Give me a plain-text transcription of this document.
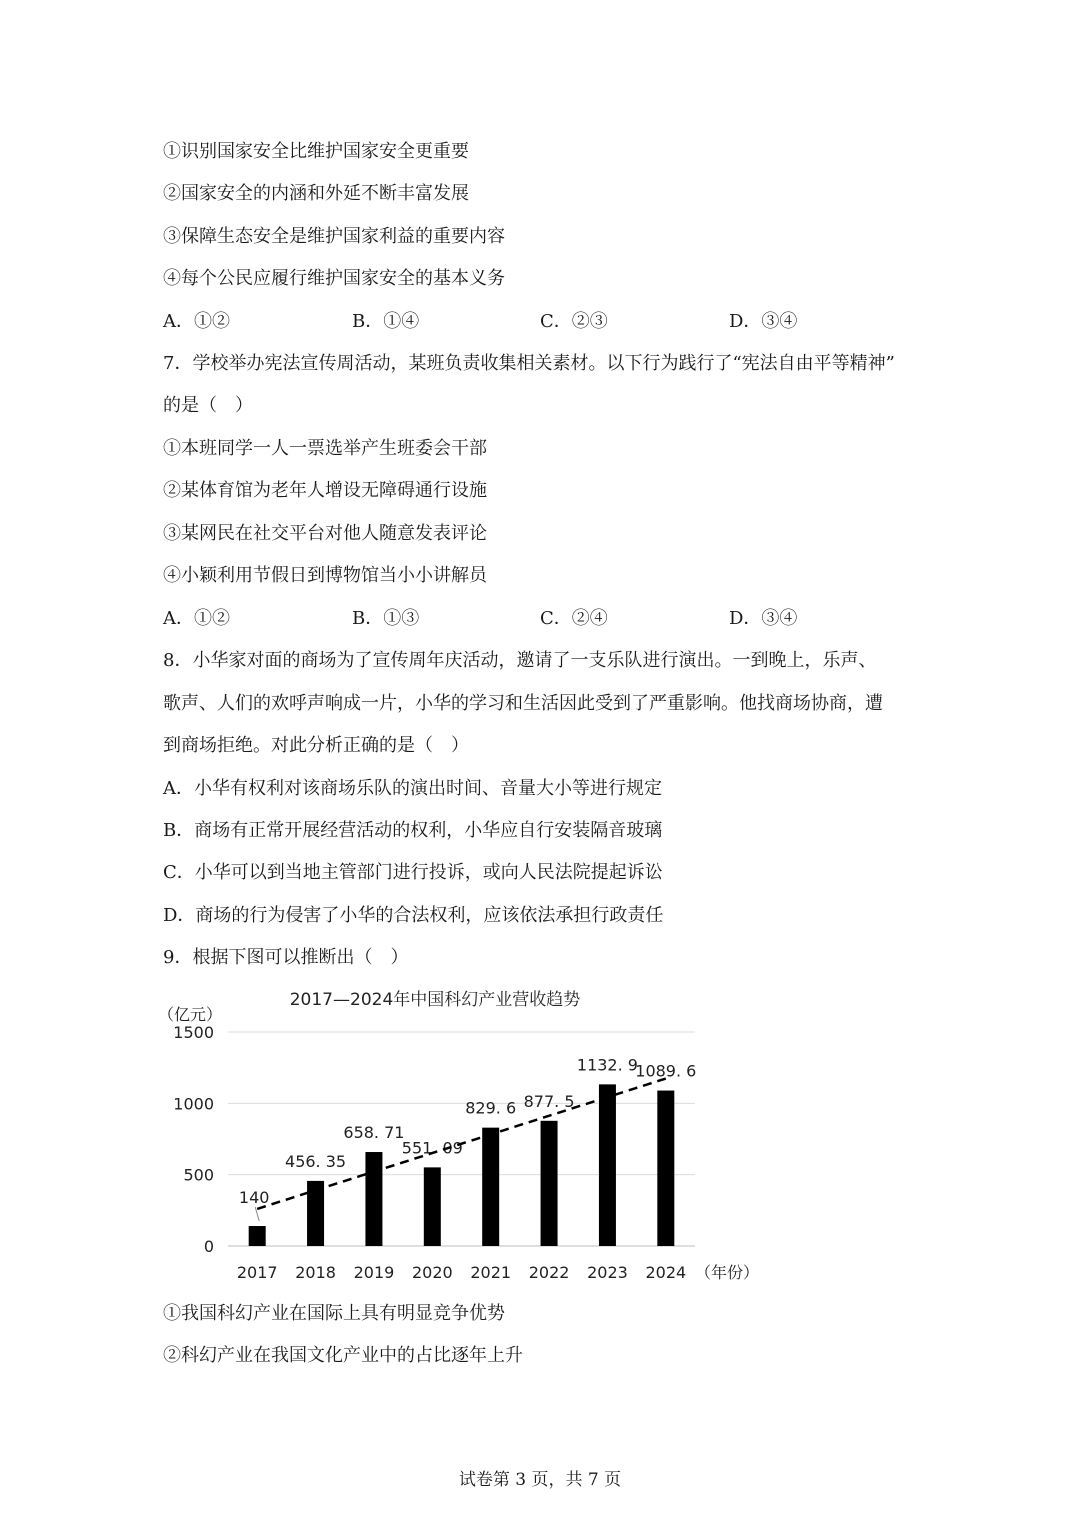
①识别国家安全比维护国家安全更重要
②国家安全的内涵和外延不断丰富发展
③保障生态安全是维护国家利益的重要内容
④每个公民应履行维护国家安全的基本义务
A．①②	B．①④	C．②③	D．③④
7．学校举办宪法宣传周活动，某班负责收集相关素材。以下行为践行了“宪法自由平等精神”
的是（　）
①本班同学一人一票选举产生班委会干部
②某体育馆为老年人增设无障碍通行设施
③某网民在社交平台对他人随意发表评论
④小颖利用节假日到博物馆当小小讲解员
A．①②	B．①③	C．②④	D．③④
8．小华家对面的商场为了宣传周年庆活动，邀请了一支乐队进行演出。一到晚上，乐声、
歌声、人们的欢呼声响成一片，小华的学习和生活因此受到了严重影响。他找商场协商，遭
到商场拒绝。对此分析正确的是（　）
A．小华有权利对该商场乐队的演出时间、音量大小等进行规定
B．商场有正常开展经营活动的权利，小华应自行安装隔音玻璃
C．小华可以到当地主管部门进行投诉，或向人民法院提起诉讼
D．商场的行为侵害了小华的合法权利，应该依法承担行政责任
9．根据下图可以推断出（　）
2017—2024年中国科幻产业营收趋势
（亿元）
0
500
1000
1500
2017
140
2018
456. 35
2019
658. 71
2020
551. 09
2021
829. 6
2022
877. 5
2023
1132. 9
2024
1089. 6
（年份）
①我国科幻产业在国际上具有明显竞争优势
②科幻产业在我国文化产业中的占比逐年上升
试卷第 3 页，共 7 页
